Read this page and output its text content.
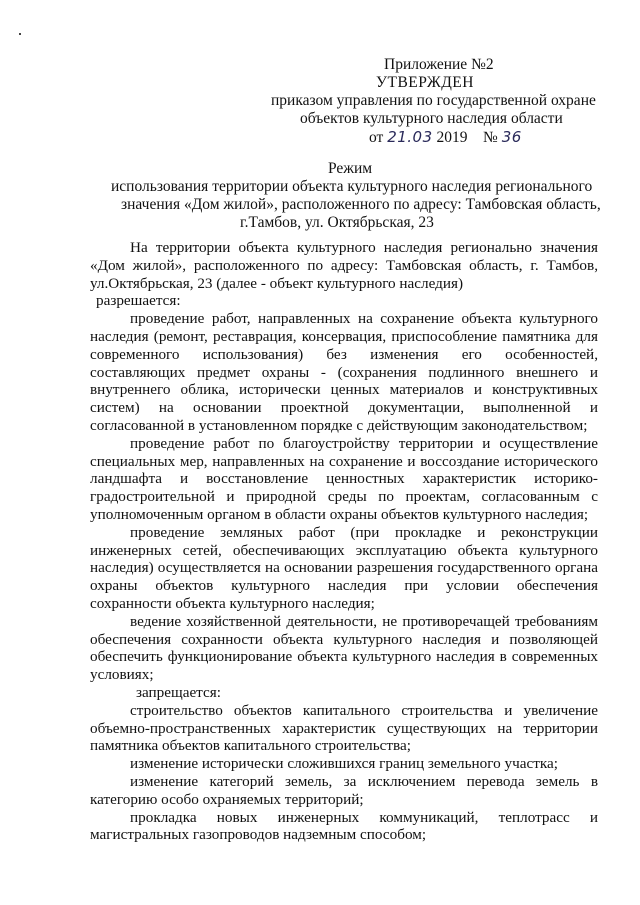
Приложение №2
УТВЕРЖДЕН
приказом управления по государственной охране
объектов культурного наследия области
от 21.03 2019 № 36
Режим
использования территории объекта культурного наследия регионального
значения «Дом жилой», расположенного по адресу: Тамбовская область,
г.Тамбов, ул. Октябрьская, 23

На территории объекта культурного наследия регионально значения «Дом жилой», расположенного по адресу: Тамбовская область, г. Тамбов, ул.Октябрьская, 23 (далее - объект культурного наследия)

разрешается:

проведение работ, направленных на сохранение объекта культурного наследия (ремонт, реставрация, консервация, приспособление памятника для современного использования) без изменения его особенностей, составляющих предмет охраны - (сохранения подлинного внешнего и внутреннего облика, исторически ценных материалов и конструктивных систем) на основании проектной документации, выполненной и согласованной в установленном порядке с действующим законодательством;

проведение работ по благоустройству территории и осуществление специальных мер, направленных на сохранение и воссоздание исторического ландшафта и восстановление ценностных характеристик историко-градостроительной и природной среды по проектам, согласованным с уполномоченным органом в области охраны объектов культурного наследия;

проведение земляных работ (при прокладке и реконструкции инженерных сетей, обеспечивающих эксплуатацию объекта культурного наследия) осуществляется на основании разрешения государственного органа охраны объектов культурного наследия при условии обеспечения сохранности объекта культурного наследия;

ведение хозяйственной деятельности, не противоречащей требованиям обеспечения сохранности объекта культурного наследия и позволяющей обеспечить функционирование объекта культурного наследия в современных условиях;

запрещается:

строительство объектов капитального строительства и увеличение объемно-пространственных характеристик существующих на территории памятника объектов капитального строительства;

изменение исторически сложившихся границ земельного участка;

изменение категорий земель, за исключением перевода земель в категорию особо охраняемых территорий;

прокладка новых инженерных коммуникаций, теплотрасс и магистральных газопроводов надземным способом;
